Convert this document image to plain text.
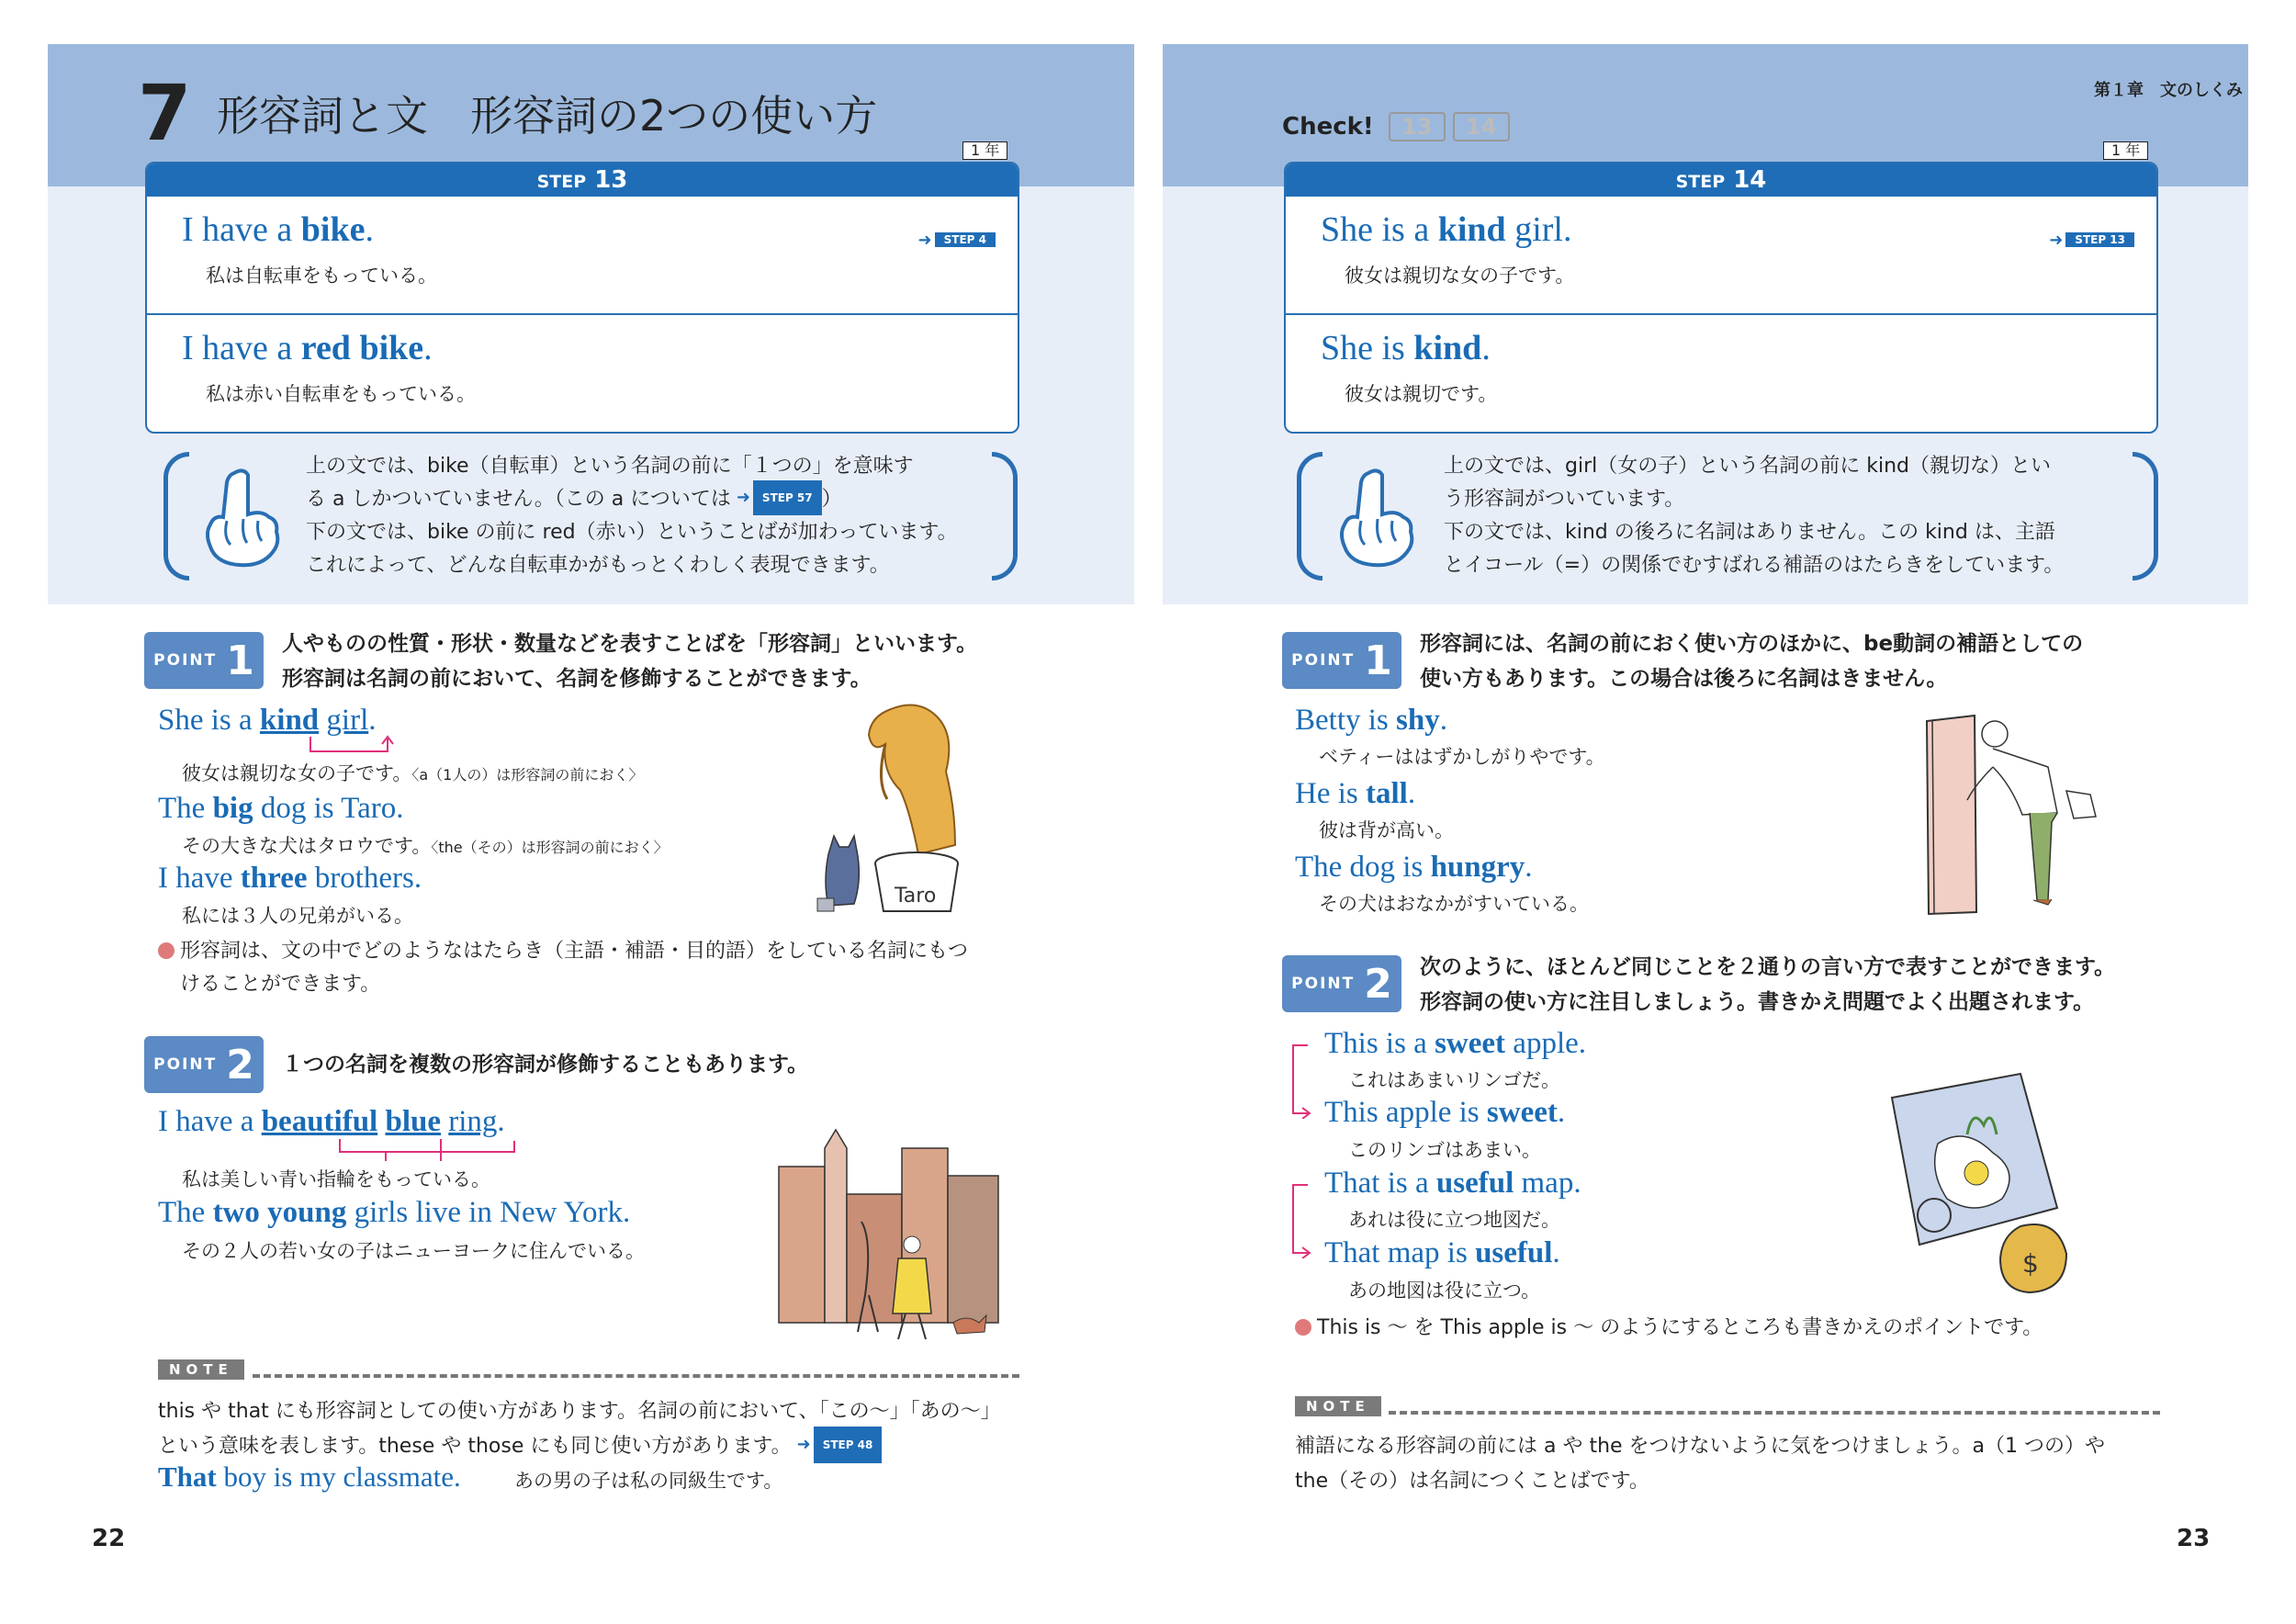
7 形容詞と文　形容詞の2つの使い方
1 年
STEP 13
I have a bike.
私は自転車をもっている。
➜	STEP 4
I have a red bike.
私は赤い自転車をもっている。
上の文では、bike（自転車）という名詞の前に「１つの」を意味す
る a しかついていません。（この a については ➜	STEP 57 ）
下の文では、bike の前に red（赤い）ということばが加わっています。
これによって、どんな自転車かがもっとくわしく表現できます。
POINT 1 人やものの性質・形状・数量などを表すことばを「形容詞」といいます。
形容詞は名詞の前において、名詞を修飾することができます。
She is a kind girl.
彼女は親切な女の子です。〈a（1人の）は形容詞の前におく〉
The big dog is Taro.
その大きな犬はタロウです。〈the（その）は形容詞の前におく〉
I have three brothers.
私には３人の兄弟がいる。
形容詞は、文の中でどのようなはたらき（主語・補語・目的語）をしている名詞にもつ
けることができます。
Taro
POINT 2 １つの名詞を複数の形容詞が修飾することもあります。
I have a beautiful blue ring.
私は美しい青い指輪をもっている。
The two young girls live in New York.
その２人の若い女の子はニューヨークに住んでいる。
NOTE
this や that にも形容詞としての使い方があります。名詞の前において、「この～」「あの～」
という意味を表します。these や those にも同じ使い方があります。 ➜	STEP 48
That boy is my classmate.	あの男の子は私の同級生です。
22
第１章　文のしくみ
Check!	13	14
1 年
STEP 14
She is a kind girl.
彼女は親切な女の子です。
➜	STEP 13
She is kind.
彼女は親切です。
上の文では、girl（女の子）という名詞の前に kind（親切な）とい
う形容詞がついています。
下の文では、kind の後ろに名詞はありません。この kind は、主語
とイコール（=）の関係でむすばれる補語のはたらきをしています。
POINT 1 形容詞には、名詞の前におく使い方のほかに、be動詞の補語としての
使い方もあります。この場合は後ろに名詞はきません。
Betty is shy.
ベティーははずかしがりやです。
He is tall.
彼は背が高い。
The dog is hungry.
その犬はおなかがすいている。
POINT 2 次のように、ほとんど同じことを２通りの言い方で表すことができます。
形容詞の使い方に注目しましょう。書きかえ問題でよく出題されます。
This is a sweet apple.
これはあまいリンゴだ。
This apple is sweet.
このリンゴはあまい。
That is a useful map.
あれは役に立つ地図だ。
That map is useful.
あの地図は役に立つ。
This is ～ を This apple is ～ のようにするところも書きかえのポイントです。
$
NOTE
補語になる形容詞の前には a や the をつけないように気をつけましょう。a（1 つの）や
the（その）は名詞につくことばです。
23
